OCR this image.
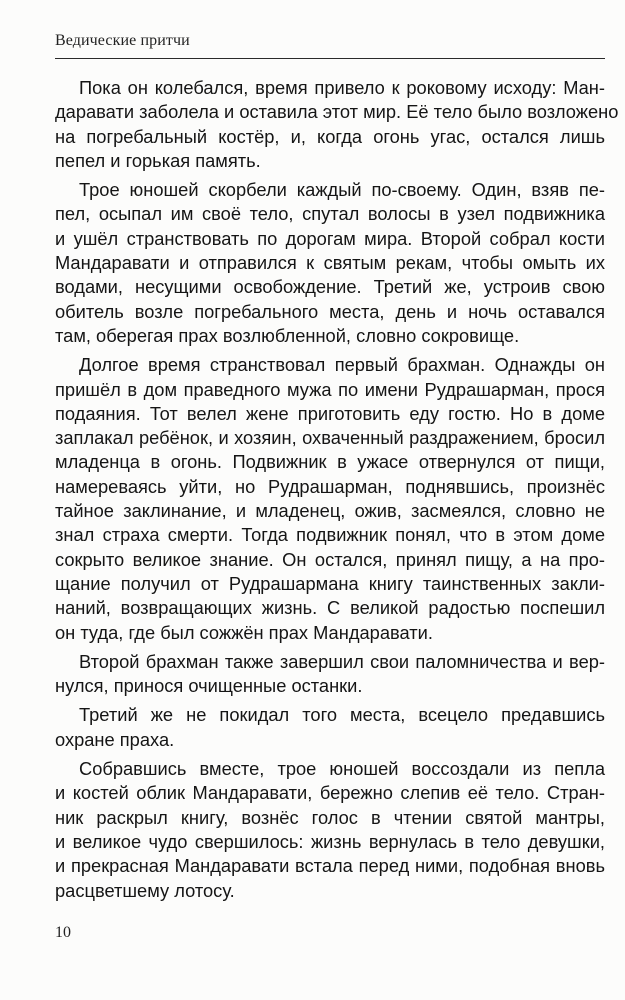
Ведические притчи

Пока он колебался, время привело к роковому исходу: Ман-
даравати заболела и оставила этот мир. Её тело было возложено
на погребальный костёр, и, когда огонь угас, остался лишь
пепел и горькая память.

Трое юношей скорбели каждый по-своему. Один, взяв пе-
пел, осыпал им своё тело, спутал волосы в узел подвижника
и ушёл странствовать по дорогам мира. Второй собрал кости
Мандаравати и отправился к святым рекам, чтобы омыть их
водами, несущими освобождение. Третий же, устроив свою
обитель возле погребального места, день и ночь оставался
там, оберегая прах возлюбленной, словно сокровище.

Долгое время странствовал первый брахман. Однажды он
пришёл в дом праведного мужа по имени Рудрашарман, прося
подаяния. Тот велел жене приготовить еду гостю. Но в доме
заплакал ребёнок, и хозяин, охваченный раздражением, бросил
младенца в огонь. Подвижник в ужасе отвернулся от пищи,
намереваясь уйти, но Рудрашарман, поднявшись, произнёс
тайное заклинание, и младенец, ожив, засмеялся, словно не
знал страха смерти. Тогда подвижник понял, что в этом доме
сокрыто великое знание. Он остался, принял пищу, а на про-
щание получил от Рудрашармана книгу таинственных закли-
наний, возвращающих жизнь. С великой радостью поспешил
он туда, где был сожжён прах Мандаравати.

Второй брахман также завершил свои паломничества и вер-
нулся, принося очищенные останки.

Третий же не покидал того места, всецело предавшись
охране праха.

Собравшись вместе, трое юношей воссоздали из пепла
и костей облик Мандаравати, бережно слепив её тело. Стран-
ник раскрыл книгу, вознёс голос в чтении святой мантры,
и великое чудо свершилось: жизнь вернулась в тело девушки,
и прекрасная Мандаравати встала перед ними, подобная вновь
расцветшему лотосу.

10
